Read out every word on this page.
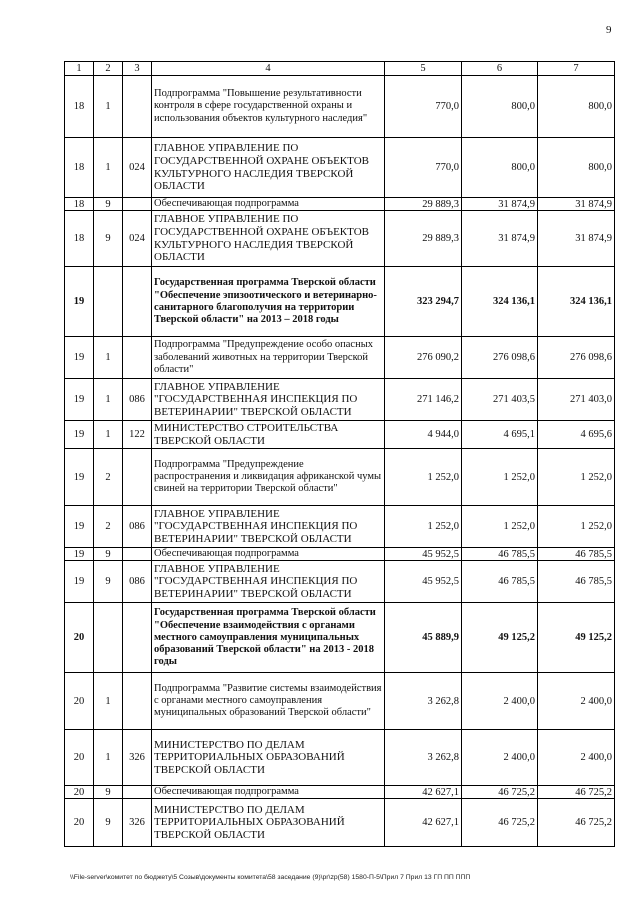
9
1	2	3	4	5	6	7
18	1		Подпрограмма "Повышение результативности контроля в сфере государственной охраны и использования объектов культурного наследия"	770,0	800,0	800,0
18	1	024	ГЛАВНОЕ УПРАВЛЕНИЕ ПО ГОСУДАРСТВЕННОЙ ОХРАНЕ ОБЪЕКТОВ КУЛЬТУРНОГО НАСЛЕДИЯ ТВЕРСКОЙ ОБЛАСТИ	770,0	800,0	800,0
18	9		Обеспечивающая подпрограмма	29 889,3	31 874,9	31 874,9
18	9	024	ГЛАВНОЕ УПРАВЛЕНИЕ ПО ГОСУДАРСТВЕННОЙ ОХРАНЕ ОБЪЕКТОВ КУЛЬТУРНОГО НАСЛЕДИЯ ТВЕРСКОЙ ОБЛАСТИ	29 889,3	31 874,9	31 874,9
19			Государственная программа Тверской области "Обеспечение эпизоотического и ветеринарно-санитарного благополучия на территории Тверской области" на 2013 – 2018 годы	323 294,7	324 136,1	324 136,1
19	1		Подпрограмма "Предупреждение особо опасных заболеваний животных на территории Тверской области"	276 090,2	276 098,6	276 098,6
19	1	086	ГЛАВНОЕ УПРАВЛЕНИЕ "ГОСУДАРСТВЕННАЯ ИНСПЕКЦИЯ ПО ВЕТЕРИНАРИИ" ТВЕРСКОЙ ОБЛАСТИ	271 146,2	271 403,5	271 403,0
19	1	122	МИНИСТЕРСТВО СТРОИТЕЛЬСТВА ТВЕРСКОЙ ОБЛАСТИ	4 944,0	4 695,1	4 695,6
19	2		Подпрограмма "Предупреждение распространения и ликвидация африканской чумы свиней на территории Тверской области"	1 252,0	1 252,0	1 252,0
19	2	086	ГЛАВНОЕ УПРАВЛЕНИЕ "ГОСУДАРСТВЕННАЯ ИНСПЕКЦИЯ ПО ВЕТЕРИНАРИИ" ТВЕРСКОЙ ОБЛАСТИ	1 252,0	1 252,0	1 252,0
19	9		Обеспечивающая подпрограмма	45 952,5	46 785,5	46 785,5
19	9	086	ГЛАВНОЕ УПРАВЛЕНИЕ "ГОСУДАРСТВЕННАЯ ИНСПЕКЦИЯ ПО ВЕТЕРИНАРИИ" ТВЕРСКОЙ ОБЛАСТИ	45 952,5	46 785,5	46 785,5
20			Государственная программа Тверской области "Обеспечение взаимодействия с органами местного самоуправления муниципальных образований Тверской области" на 2013 - 2018 годы	45 889,9	49 125,2	49 125,2
20	1		Подпрограмма "Развитие системы взаимодействия с органами местного самоуправления муниципальных образований Тверской области"	3 262,8	2 400,0	2 400,0
20	1	326	МИНИСТЕРСТВО ПО ДЕЛАМ ТЕРРИТОРИАЛЬНЫХ ОБРАЗОВАНИЙ ТВЕРСКОЙ ОБЛАСТИ	3 262,8	2 400,0	2 400,0
20	9		Обеспечивающая подпрограмма	42 627,1	46 725,2	46 725,2
20	9	326	МИНИСТЕРСТВО ПО ДЕЛАМ ТЕРРИТОРИАЛЬНЫХ ОБРАЗОВАНИЙ ТВЕРСКОЙ ОБЛАСТИ	42 627,1	46 725,2	46 725,2
\\File-server\комитет по бюджету\5 Созыв\документы комитета\58 заседание (9)\pr\zp(58) 1580-П-5\Прил 7 Прил 13 ГП ПП ППП
